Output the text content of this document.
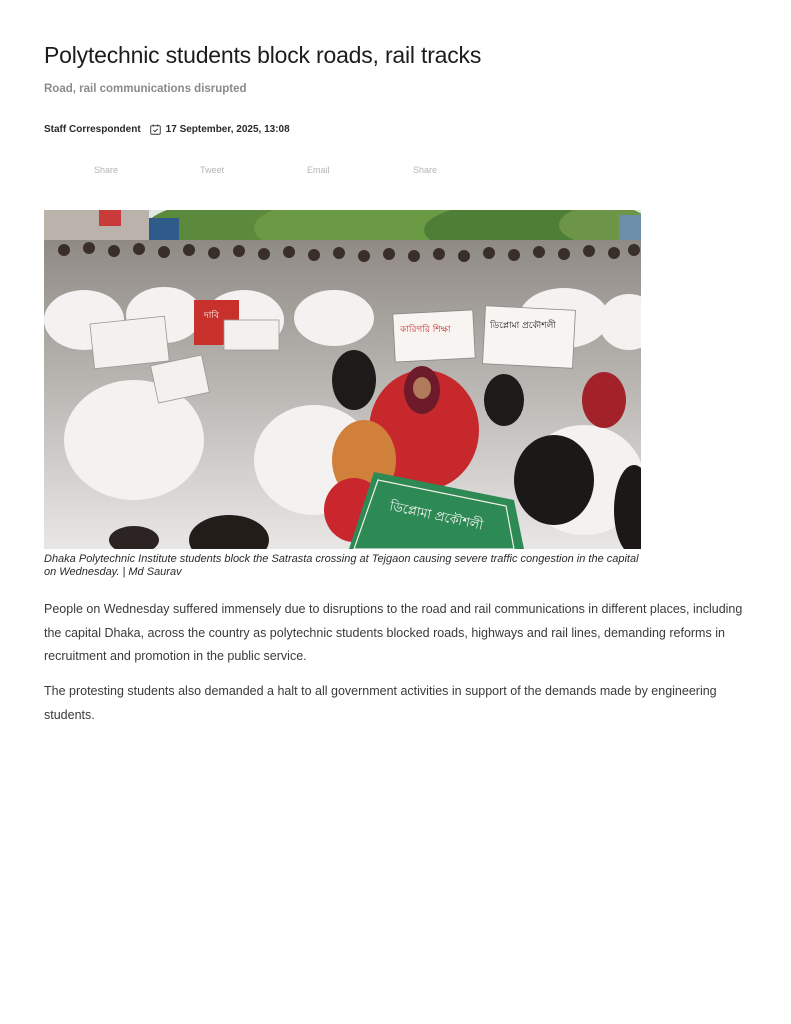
Polytechnic students block roads, rail tracks
Road, rail communications disrupted
Staff Correspondent	17 September, 2025, 13:08
Share	Tweet	Email	Share
দাবি
কারিগরি শিক্ষা	ডিপ্লোমা প্রকৌশলী
ডিপ্লোমা প্রকৌশলী

Dhaka Polytechnic Institute students block the Satrasta crossing at Tejgaon causing severe traffic congestion in the capital on Wednesday. | Md Saurav

People on Wednesday suffered immensely due to disruptions to the road and rail communications in different places, including the capital Dhaka, across the country as polytechnic students blocked roads, highways and rail lines, demanding reforms in recruitment and promotion in the public service.

The protesting students also demanded a halt to all government activities in support of the demands made by engineering students.
